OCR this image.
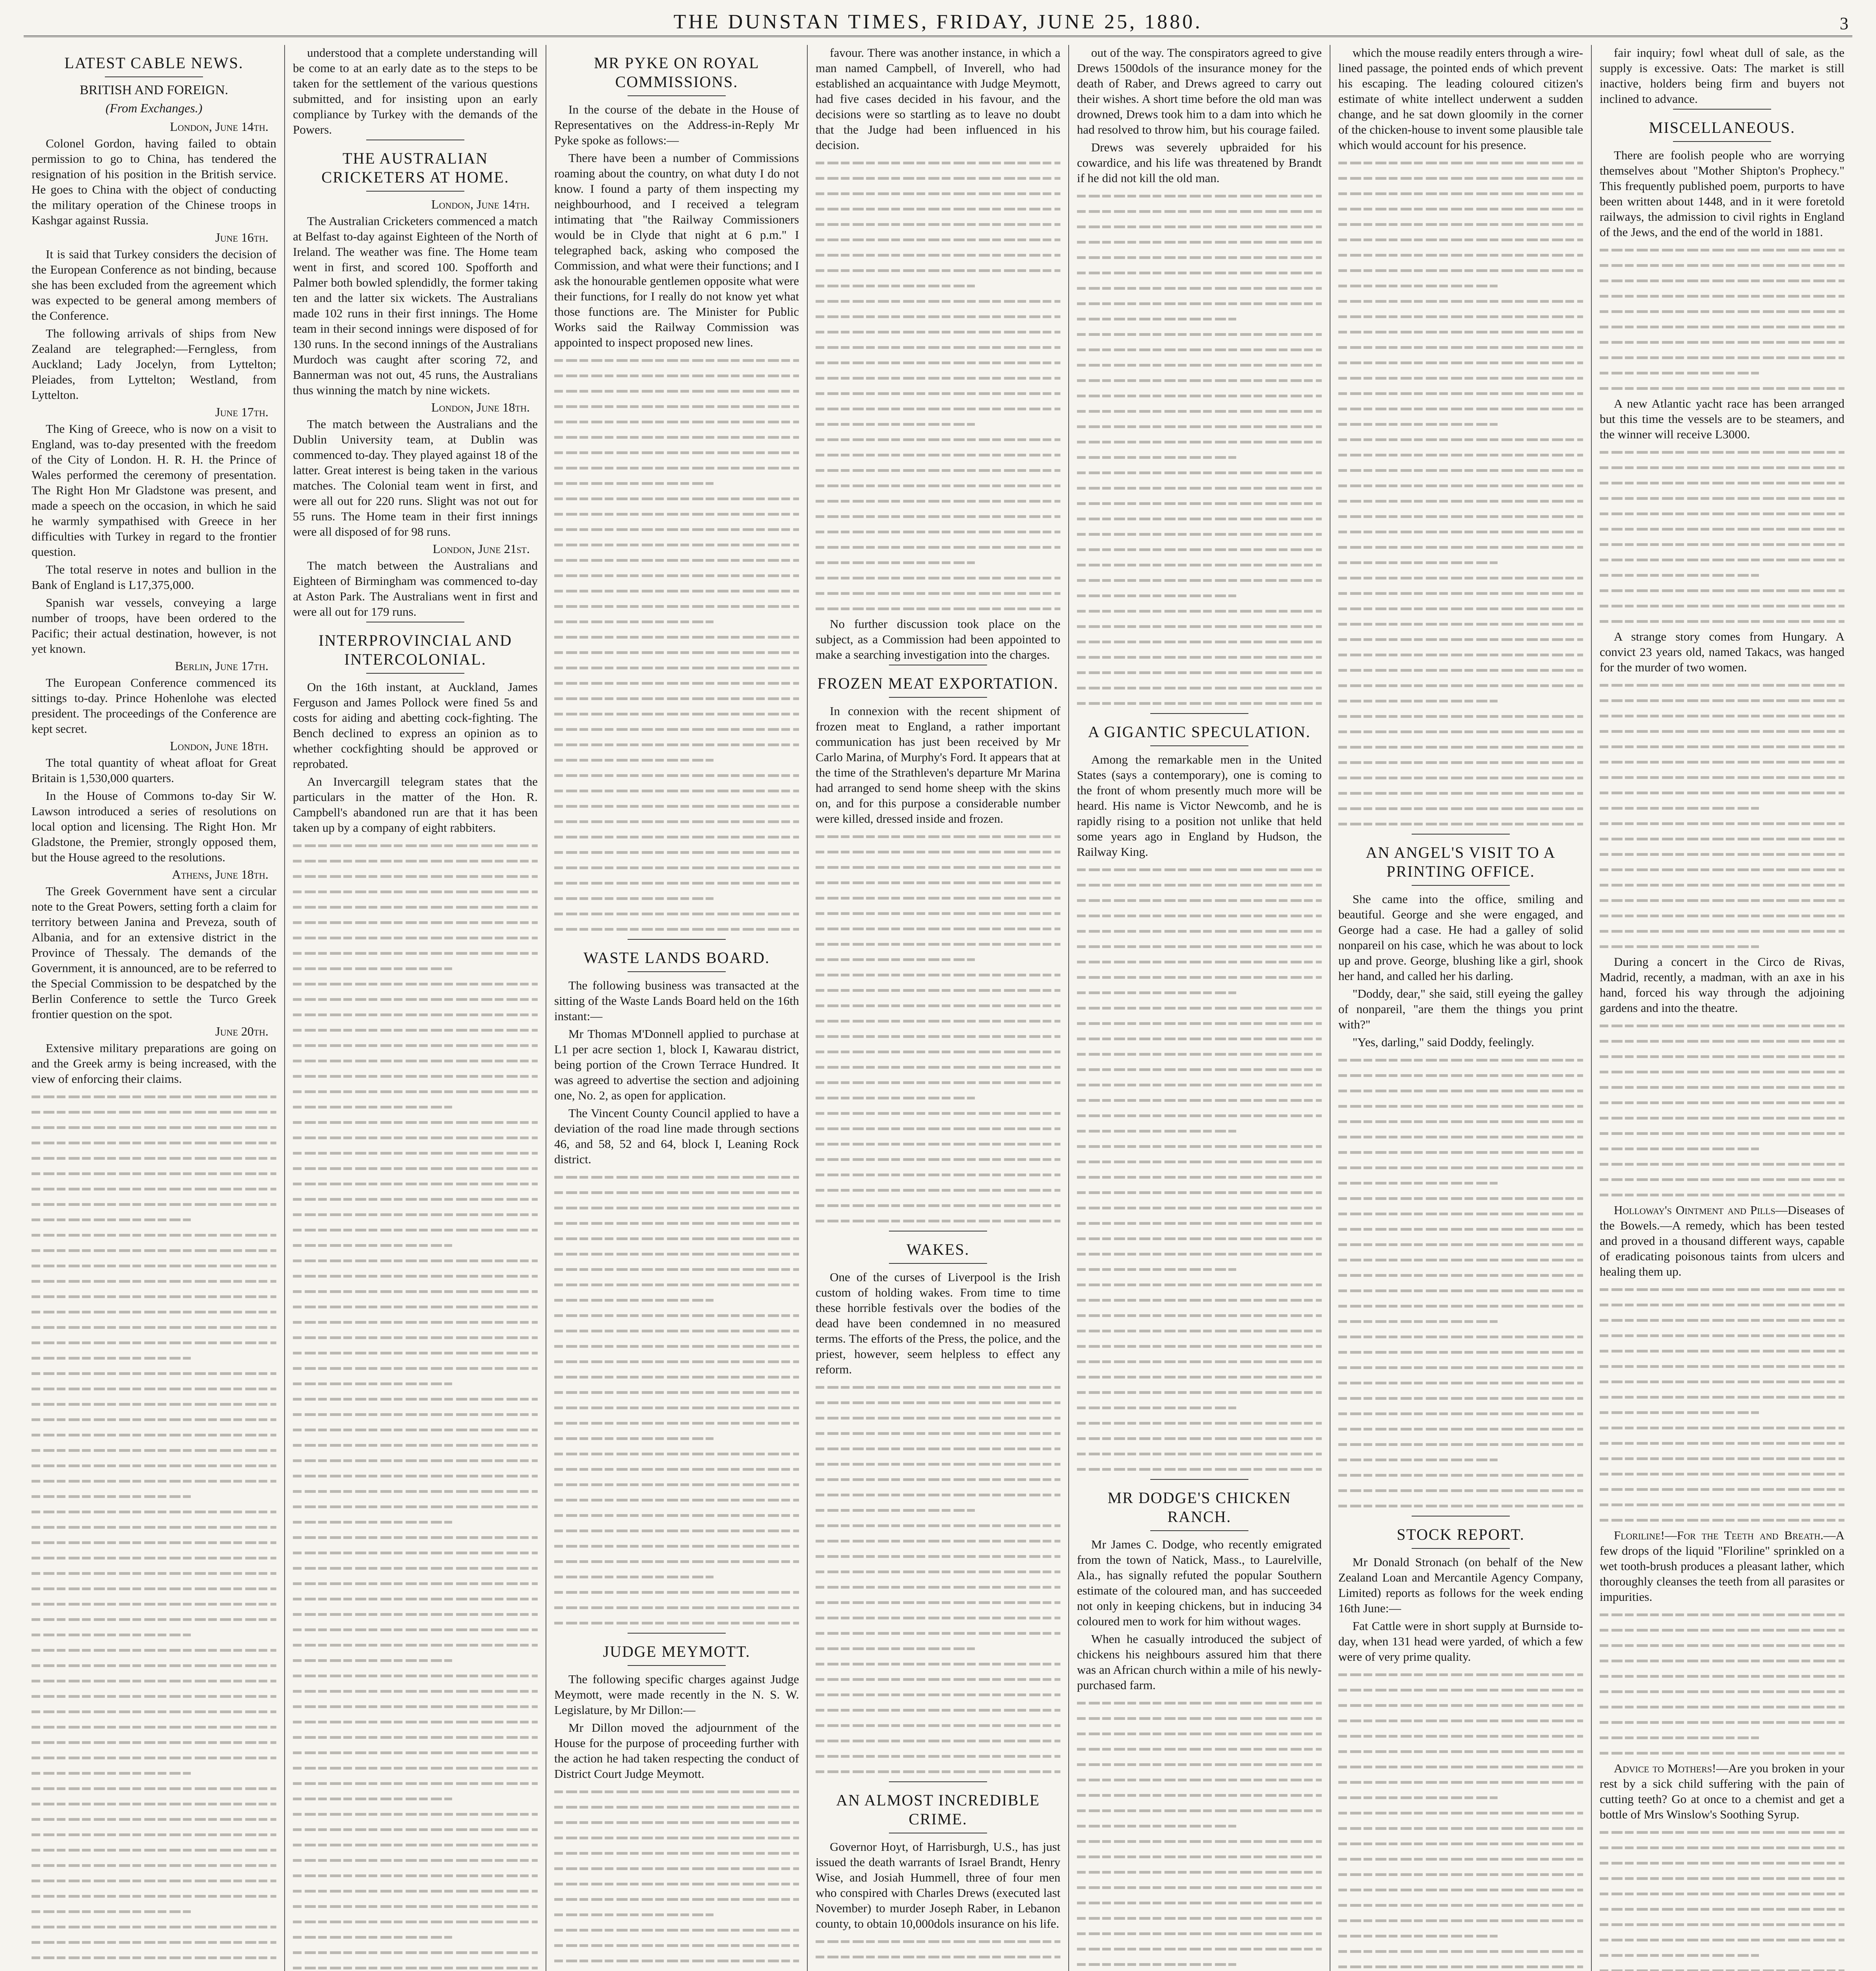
THE DUNSTAN TIMES, FRIDAY, JUNE 25, 1880.	3
LATEST CABLE NEWS.
BRITISH AND FOREIGN.
(From Exchanges.)
London, June 14th.

Colonel Gordon, having failed to obtain permission to go to China, has tendered the resignation of his position in the British service. He goes to China with the object of conducting the military operation of the Chinese troops in Kashgar against Russia.

June 16th.

It is said that Turkey considers the decision of the European Conference as not binding, because she has been excluded from the agreement which was expected to be general among members of the Conference.

The following arrivals of ships from New Zealand are telegraphed:—Ferngless, from Auckland; Lady Jocelyn, from Lyttelton; Pleiades, from Lyttelton; Westland, from Lyttelton.

June 17th.

The King of Greece, who is now on a visit to England, was to-day presented with the freedom of the City of London. H. R. H. the Prince of Wales performed the ceremony of presentation. The Right Hon Mr Gladstone was present, and made a speech on the occasion, in which he said he warmly sympathised with Greece in her difficulties with Turkey in regard to the frontier question.

The total reserve in notes and bullion in the Bank of England is L17,375,000.

Spanish war vessels, conveying a large number of troops, have been ordered to the Pacific; their actual destination, however, is not yet known.

Berlin, June 17th.

The European Conference commenced its sittings to-day. Prince Hohenlohe was elected president. The proceedings of the Conference are kept secret.

London, June 18th.

The total quantity of wheat afloat for Great Britain is 1,530,000 quarters.

In the House of Commons to-day Sir W. Lawson introduced a series of resolutions on local option and licensing. The Right Hon. Mr Gladstone, the Premier, strongly opposed them, but the House agreed to the resolutions.

Athens, June 18th.

The Greek Government have sent a circular note to the Great Powers, setting forth a claim for territory between Janina and Preveza, south of Albania, and for an extensive district in the Province of Thessaly. The demands of the Government, it is announced, are to be referred to the Special Commission to be despatched by the Berlin Conference to settle the Turco Greek frontier question on the spot.

June 20th.

Extensive military preparations are going on and the Greek army is being increased, with the view of enforcing their claims.

understood that a complete understanding will be come to at an early date as to the steps to be taken for the settlement of the various questions submitted, and for insisting upon an early compliance by Turkey with the demands of the Powers.

THE AUSTRALIAN CRICKETERS AT HOME.
London, June 14th.

The Australian Cricketers commenced a match at Belfast to-day against Eighteen of the North of Ireland. The weather was fine. The Home team went in first, and scored 100. Spofforth and Palmer both bowled splendidly, the former taking ten and the latter six wickets. The Australians made 102 runs in their first innings. The Home team in their second innings were disposed of for 130 runs. In the second innings of the Australians Murdoch was caught after scoring 72, and Bannerman was not out, 45 runs, the Australians thus winning the match by nine wickets.

London, June 18th.

The match between the Australians and the Dublin University team, at Dublin was commenced to-day. They played against 18 of the latter. Great interest is being taken in the various matches. The Colonial team went in first, and were all out for 220 runs. Slight was not out for 55 runs. The Home team in their first innings were all disposed of for 98 runs.

London, June 21st.

The match between the Australians and Eighteen of Birmingham was commenced to-day at Aston Park. The Australians went in first and were all out for 179 runs.

INTERPROVINCIAL AND INTERCOLONIAL.

On the 16th instant, at Auckland, James Ferguson and James Pollock were fined 5s and costs for aiding and abetting cock-fighting. The Bench declined to express an opinion as to whether cockfighting should be approved or reprobated.

An Invercargill telegram states that the particulars in the matter of the Hon. R. Campbell's abandoned run are that it has been taken up by a company of eight rabbiters.

MR PYKE ON ROYAL COMMISSIONS.

In the course of the debate in the House of Representatives on the Address-in-Reply Mr Pyke spoke as follows:—

There have been a number of Commissions roaming about the country, on what duty I do not know. I found a party of them inspecting my neighbourhood, and I received a telegram intimating that "the Railway Commissioners would be in Clyde that night at 6 p.m." I telegraphed back, asking who composed the Commission, and what were their functions; and I ask the honourable gentlemen opposite what were their functions, for I really do not know yet what those functions are. The Minister for Public Works said the Railway Commission was appointed to inspect proposed new lines.

WASTE LANDS BOARD.

The following business was transacted at the sitting of the Waste Lands Board held on the 16th instant:—

Mr Thomas M'Donnell applied to purchase at L1 per acre section 1, block I, Kawarau district, being portion of the Crown Terrace Hundred. It was agreed to advertise the section and adjoining one, No. 2, as open for application.

The Vincent County Council applied to have a deviation of the road line made through sections 46, and 58, 52 and 64, block I, Leaning Rock district.

JUDGE MEYMOTT.

The following specific charges against Judge Meymott, were made recently in the N. S. W. Legislature, by Mr Dillon:—

Mr Dillon moved the adjournment of the House for the purpose of proceeding further with the action he had taken respecting the conduct of District Court Judge Meymott.

favour. There was another instance, in which a man named Campbell, of Inverell, who had established an acquaintance with Judge Meymott, had five cases decided in his favour, and the decisions were so startling as to leave no doubt that the Judge had been influenced in his decision.

No further discussion took place on the subject, as a Commission had been appointed to make a searching investigation into the charges.

FROZEN MEAT EXPORTATION.

In connexion with the recent shipment of frozen meat to England, a rather important communication has just been received by Mr Carlo Marina, of Murphy's Ford. It appears that at the time of the Strathleven's departure Mr Marina had arranged to send home sheep with the skins on, and for this purpose a considerable number were killed, dressed inside and frozen.

WAKES.

One of the curses of Liverpool is the Irish custom of holding wakes. From time to time these horrible festivals over the bodies of the dead have been condemned in no measured terms. The efforts of the Press, the police, and the priest, however, seem helpless to effect any reform.

AN ALMOST INCREDIBLE CRIME.

Governor Hoyt, of Harrisburgh, U.S., has just issued the death warrants of Israel Brandt, Henry Wise, and Josiah Hummell, three of four men who conspired with Charles Drews (executed last November) to murder Joseph Raber, in Lebanon county, to obtain 10,000dols insurance on his life.

out of the way. The conspirators agreed to give Drews 1500dols of the insurance money for the death of Raber, and Drews agreed to carry out their wishes. A short time before the old man was drowned, Drews took him to a dam into which he had resolved to throw him, but his courage failed.

Drews was severely upbraided for his cowardice, and his life was threatened by Brandt if he did not kill the old man.

A GIGANTIC SPECULATION.

Among the remarkable men in the United States (says a contemporary), one is coming to the front of whom presently much more will be heard. His name is Victor Newcomb, and he is rapidly rising to a position not unlike that held some years ago in England by Hudson, the Railway King.

MR DODGE'S CHICKEN RANCH.

Mr James C. Dodge, who recently emigrated from the town of Natick, Mass., to Laurelville, Ala., has signally refuted the popular Southern estimate of the coloured man, and has succeeded not only in keeping chickens, but in inducing 34 coloured men to work for him without wages.

When he casually introduced the subject of chickens his neighbours assured him that there was an African church within a mile of his newly-purchased farm.

which the mouse readily enters through a wire-lined passage, the pointed ends of which prevent his escaping. The leading coloured citizen's estimate of white intellect underwent a sudden change, and he sat down gloomily in the corner of the chicken-house to invent some plausible tale which would account for his presence.

AN ANGEL'S VISIT TO A PRINTING OFFICE.

She came into the office, smiling and beautiful. George and she were engaged, and George had a case. He had a galley of solid nonpareil on his case, which he was about to lock up and prove. George, blushing like a girl, shook her hand, and called her his darling.

"Doddy, dear," she said, still eyeing the galley of nonpareil, "are them the things you print with?"

"Yes, darling," said Doddy, feelingly.

STOCK REPORT.

Mr Donald Stronach (on behalf of the New Zealand Loan and Mercantile Agency Company, Limited) reports as follows for the week ending 16th June:—

Fat Cattle were in short supply at Burnside to-day, when 131 head were yarded, of which a few were of very prime quality.

fair inquiry; fowl wheat dull of sale, as the supply is excessive. Oats: The market is still inactive, holders being firm and buyers not inclined to advance.

MISCELLANEOUS.

There are foolish people who are worrying themselves about "Mother Shipton's Prophecy." This frequently published poem, purports to have been written about 1448, and in it were foretold railways, the admission to civil rights in England of the Jews, and the end of the world in 1881.

A new Atlantic yacht race has been arranged but this time the vessels are to be steamers, and the winner will receive L3000.

A strange story comes from Hungary. A convict 23 years old, named Takacs, was hanged for the murder of two women.

During a concert in the Circo de Rivas, Madrid, recently, a madman, with an axe in his hand, forced his way through the adjoining gardens and into the theatre.

Holloway's Ointment and Pills—Diseases of the Bowels.—A remedy, which has been tested and proved in a thousand different ways, capable of eradicating poisonous taints from ulcers and healing them up.

Floriline!—For the Teeth and Breath.—A few drops of the liquid "Floriline" sprinkled on a wet tooth-brush produces a pleasant lather, which thoroughly cleanses the teeth from all parasites or impurities.

Advice to Mothers!—Are you broken in your rest by a sick child suffering with the pain of cutting teeth? Go at once to a chemist and get a bottle of Mrs Winslow's Soothing Syrup.
